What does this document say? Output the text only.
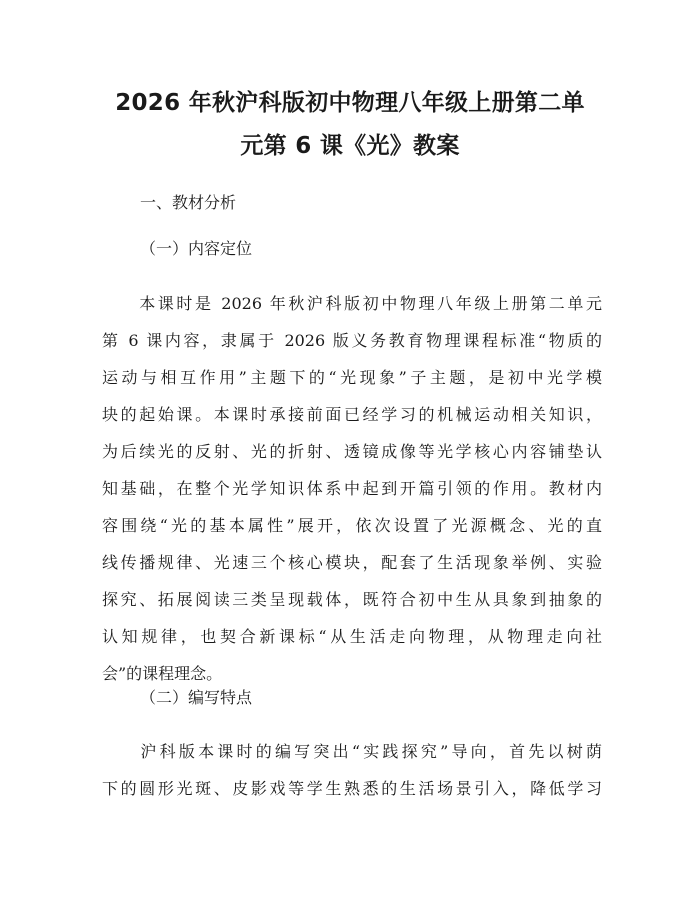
2026 年秋沪科版初中物理八年级上册第二单
元第 6 课《光》教案
一、教材分析
（一）内容定位
　　本课时是 2026 年秋沪科版初中物理八年级上册第二单元
第 6 课内容，隶属于 2026 版义务教育物理课程标准“物质的
运动与相互作用”主题下的“光现象”子主题，是初中光学模
块的起始课。本课时承接前面已经学习的机械运动相关知识，
为后续光的反射、光的折射、透镜成像等光学核心内容铺垫认
知基础，在整个光学知识体系中起到开篇引领的作用。教材内
容围绕“光的基本属性”展开，依次设置了光源概念、光的直
线传播规律、光速三个核心模块，配套了生活现象举例、实验
探究、拓展阅读三类呈现载体，既符合初中生从具象到抽象的
认知规律，也契合新课标“从生活走向物理，从物理走向社
会”的课程理念。
（二）编写特点
　　沪科版本课时的编写突出“实践探究”导向，首先以树荫
下的圆形光斑、皮影戏等学生熟悉的生活场景引入，降低学习
